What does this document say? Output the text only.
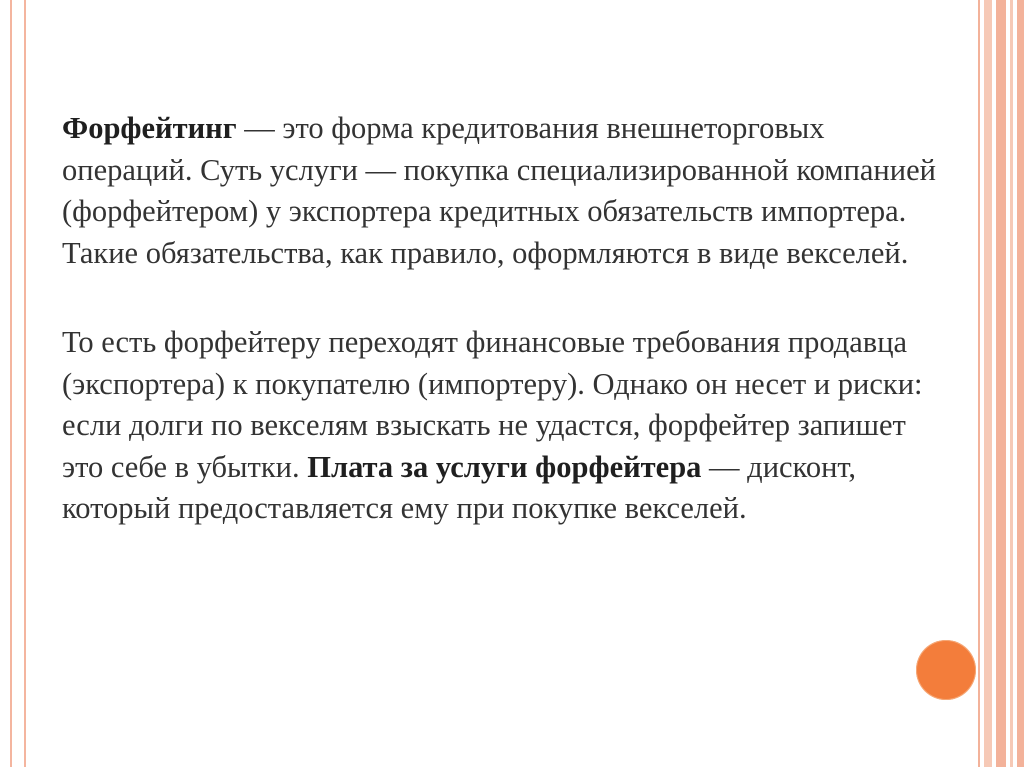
Форфейтинг — это форма кредитования внешнеторговых операций. Суть услуги — покупка специализированной компанией (форфейтером) у экспортера кредитных обязательств импортера. Такие обязательства, как правило, оформляются в виде векселей.

То есть форфейтеру переходят финансовые требования продавца (экспортера) к покупателю (импортеру). Однако он несет и риски: если долги по векселям взыскать не удастся, форфейтер запишет это себе в убытки. Плата за услуги форфейтера — дисконт, который предоставляется ему при покупке векселей.
